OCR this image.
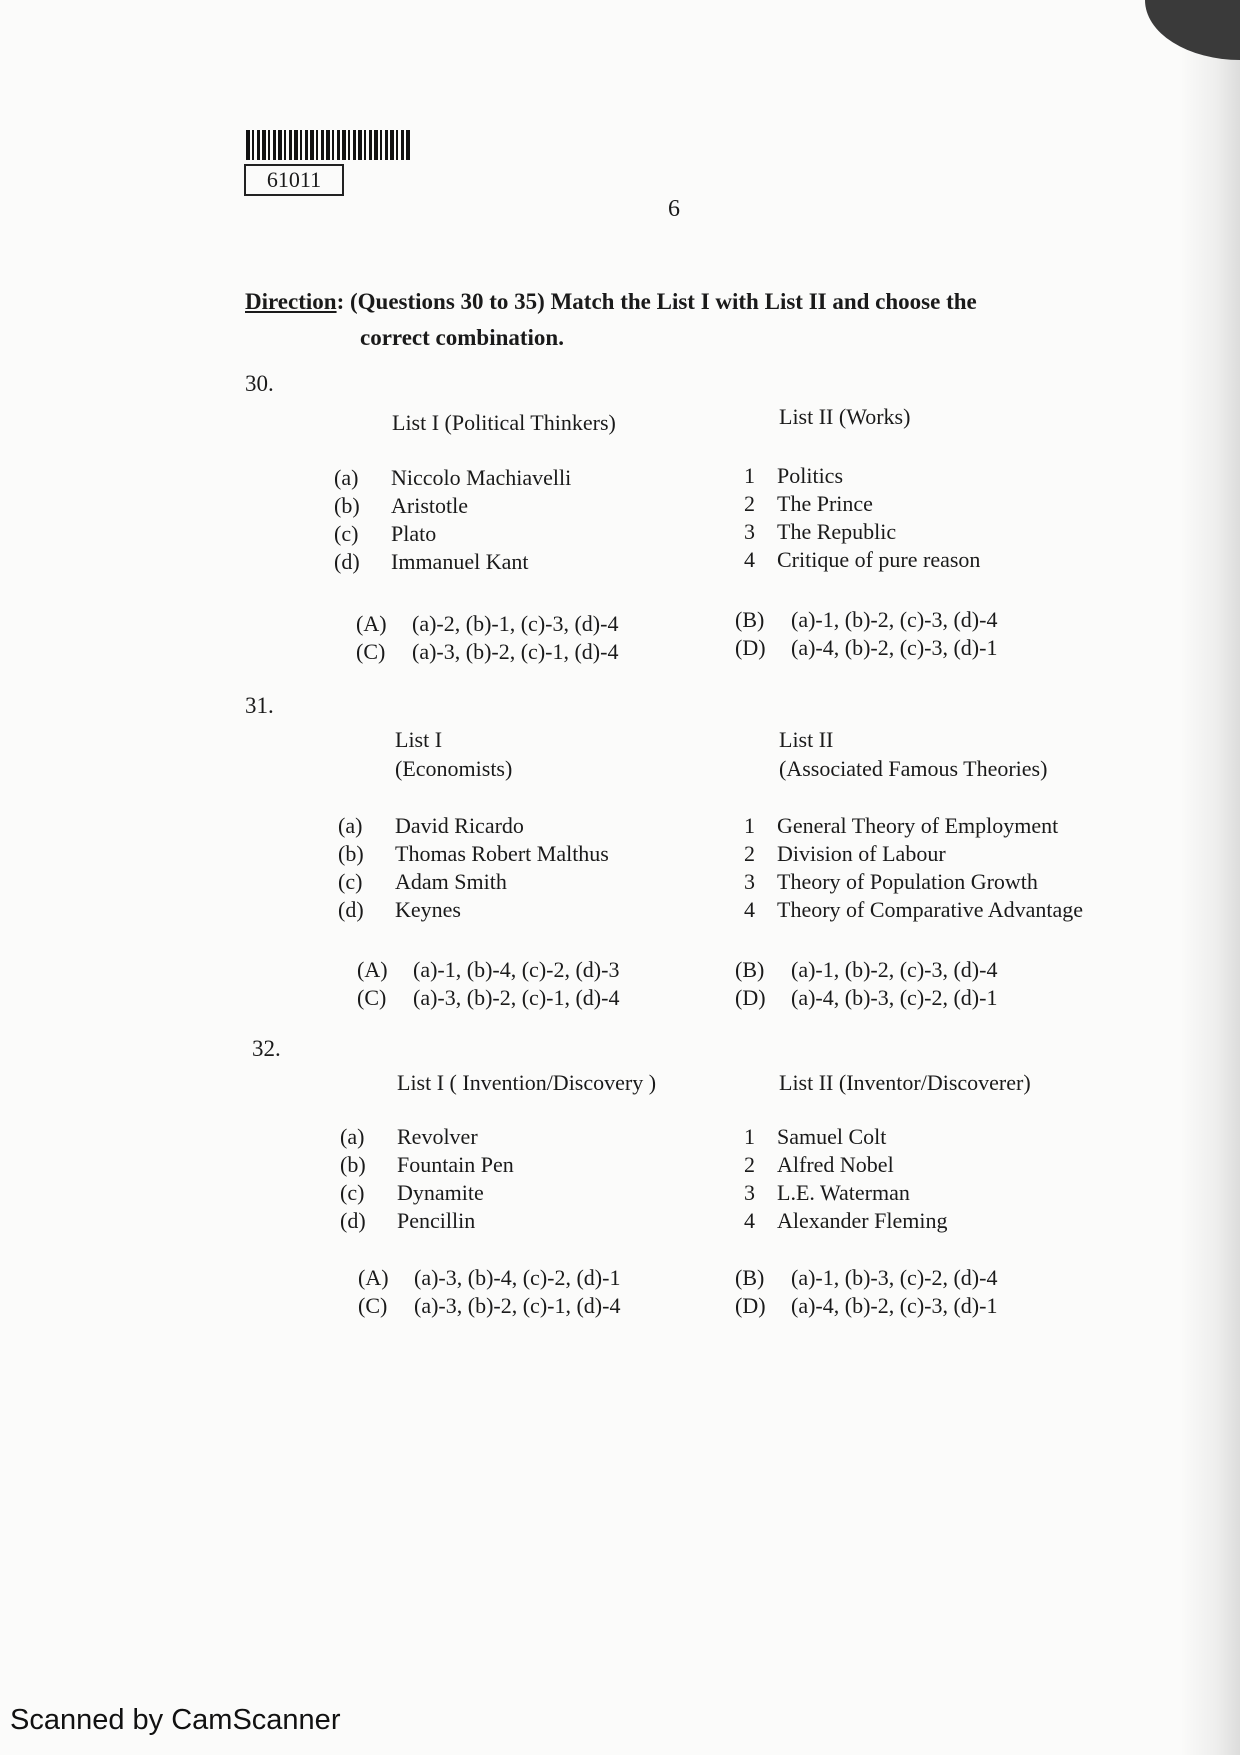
61011
6
Direction: (Questions 30 to 35) Match the List I with List II and choose the
correct combination.
30.
List I (Political Thinkers)	List II (Works)
(a) Niccolo Machiavelli
(b) Aristotle
(c) Plato
(d) Immanuel Kant
1 Politics
2 The Prince
3 The Republic
4 Critique of pure reason
(A) (a)-2, (b)-1, (c)-3, (d)-4
(C) (a)-3, (b)-2, (c)-1, (d)-4
(B) (a)-1, (b)-2, (c)-3, (d)-4
(D) (a)-4, (b)-2, (c)-3, (d)-1
31.
List I
(Economists)
List II
(Associated Famous Theories)
(a) David Ricardo
(b) Thomas Robert Malthus
(c) Adam Smith
(d) Keynes
1 General Theory of Employment
2 Division of Labour
3 Theory of Population Growth
4 Theory of Comparative Advantage
(A) (a)-1, (b)-4, (c)-2, (d)-3
(C) (a)-3, (b)-2, (c)-1, (d)-4
(B) (a)-1, (b)-2, (c)-3, (d)-4
(D) (a)-4, (b)-3, (c)-2, (d)-1
32.
List I ( Invention/Discovery )	List II (Inventor/Discoverer)
(a) Revolver
(b) Fountain Pen
(c) Dynamite
(d) Pencillin
1 Samuel Colt
2 Alfred Nobel
3 L.E. Waterman
4 Alexander Fleming
(A) (a)-3, (b)-4, (c)-2, (d)-1
(C) (a)-3, (b)-2, (c)-1, (d)-4
(B) (a)-1, (b)-3, (c)-2, (d)-4
(D) (a)-4, (b)-2, (c)-3, (d)-1
Scanned by CamScanner
